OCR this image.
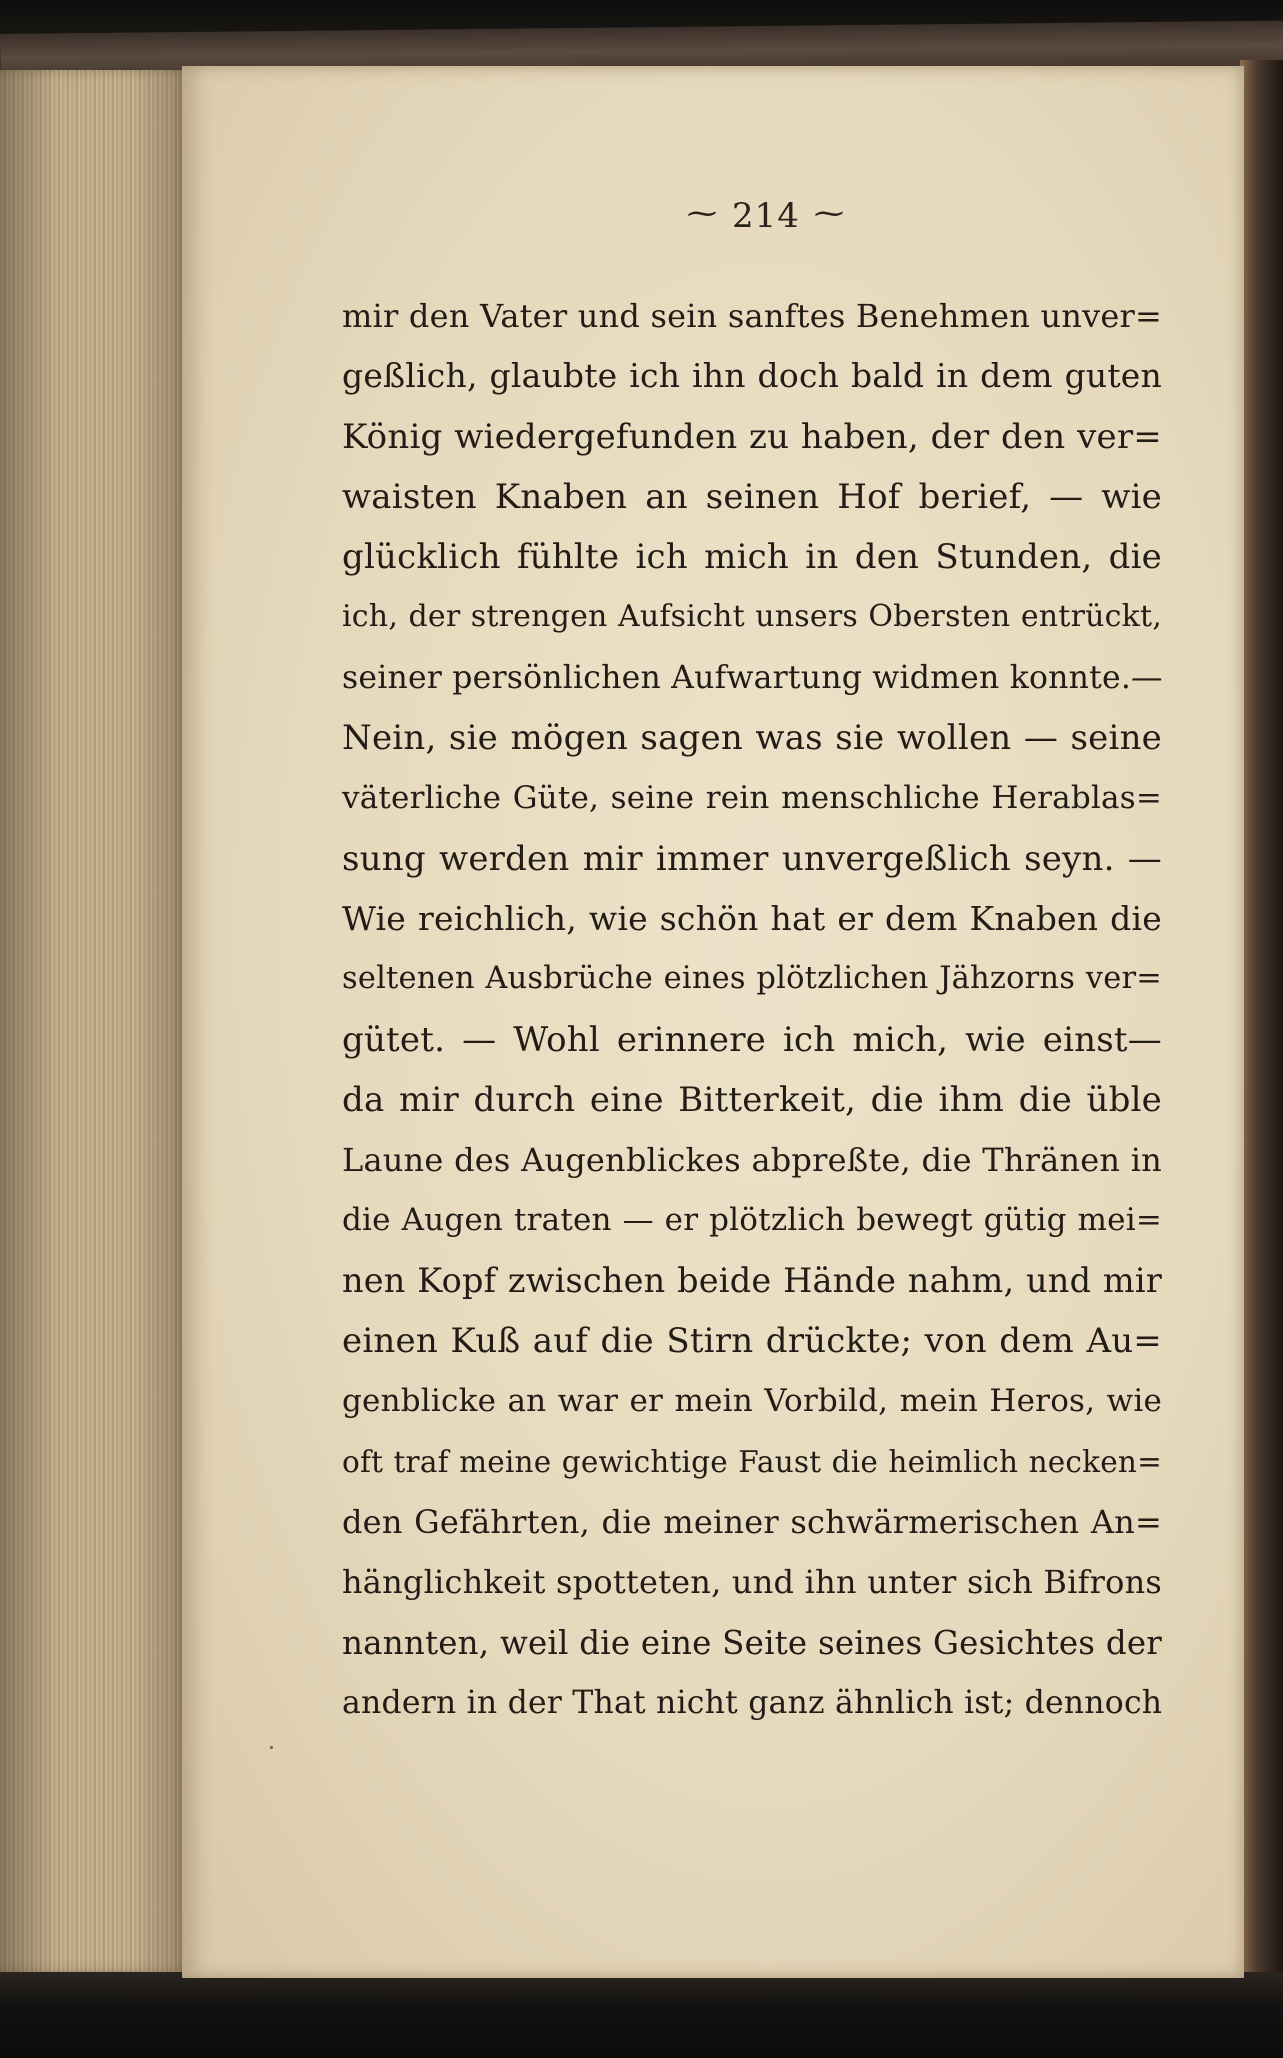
⁓ 214 ⁓
mir den Vater und sein sanftes Benehmen unver=
geßlich, glaubte ich ihn doch bald in dem guten
König wiedergefunden zu haben, der den ver=
waisten Knaben an seinen Hof berief, — wie
glücklich fühlte ich mich in den Stunden, die
ich, der strengen Aufsicht unsers Obersten entrückt,
seiner persönlichen Aufwartung widmen konnte.—
Nein, sie mögen sagen was sie wollen — seine
väterliche Güte, seine rein menschliche Herablas=
sung werden mir immer unvergeßlich seyn. —
Wie reichlich, wie schön hat er dem Knaben die
seltenen Ausbrüche eines plötzlichen Jähzorns ver=
gütet. — Wohl erinnere ich mich, wie einst—
da mir durch eine Bitterkeit, die ihm die üble
Laune des Augenblickes abpreßte, die Thränen in
die Augen traten — er plötzlich bewegt gütig mei=
nen Kopf zwischen beide Hände nahm, und mir
einen Kuß auf die Stirn drückte; von dem Au=
genblicke an war er mein Vorbild, mein Heros, wie
oft traf meine gewichtige Faust die heimlich necken=
den Gefährten, die meiner schwärmerischen An=
hänglichkeit spotteten, und ihn unter sich Bifrons
nannten, weil die eine Seite seines Gesichtes der
andern in der That nicht ganz ähnlich ist; dennoch
